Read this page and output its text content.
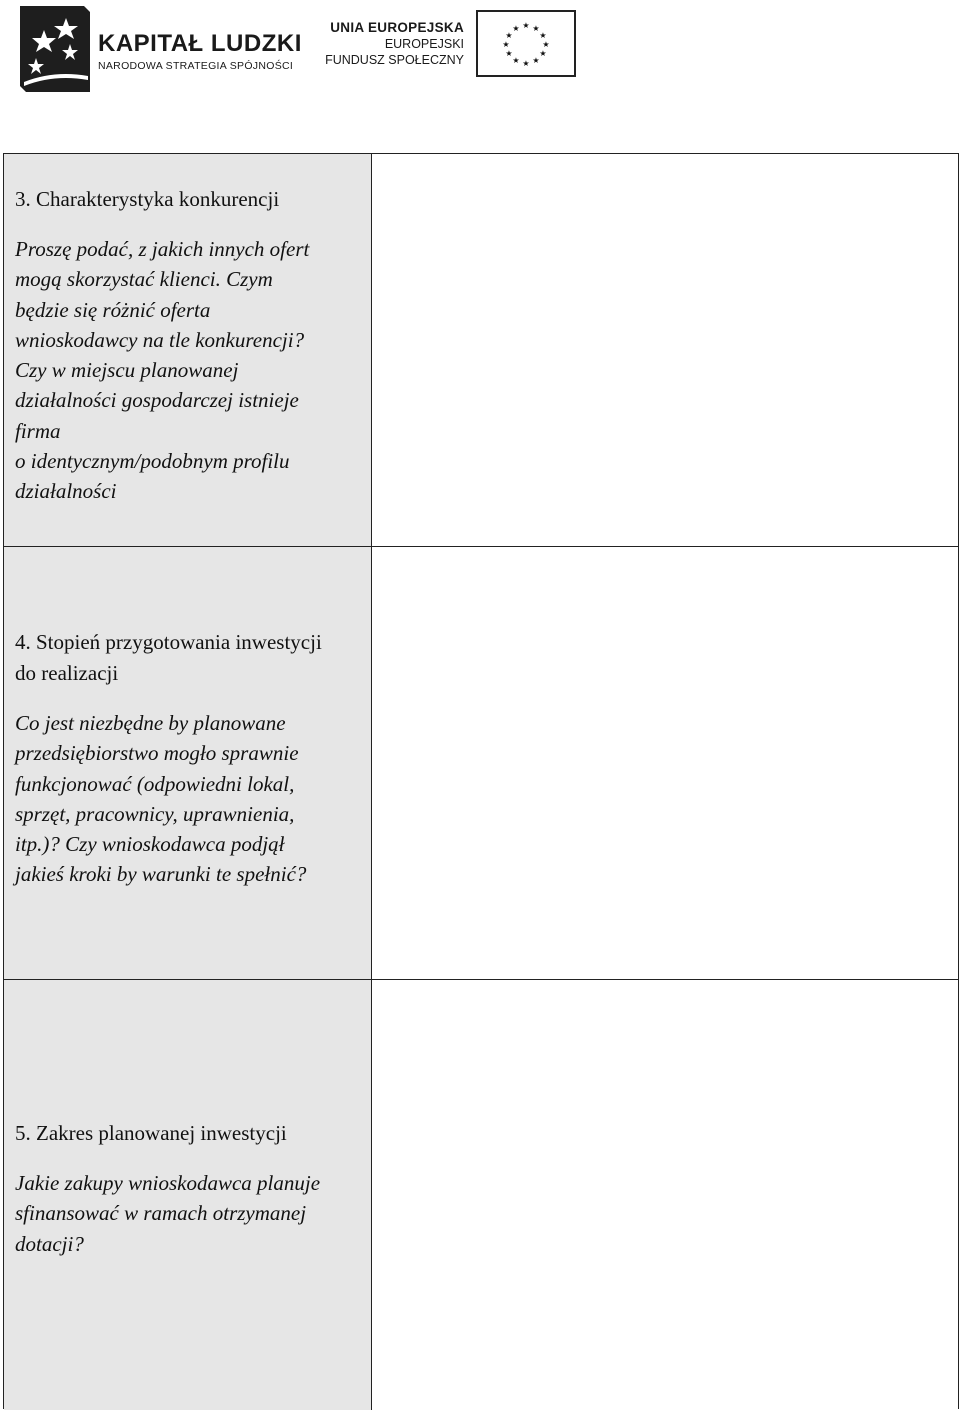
KAPITAŁ LUDZKI
NARODOWA STRATEGIA SPÓJNOŚCI
UNIA EUROPEJSKA
EUROPEJSKI
FUNDUSZ SPOŁECZNY
★ ★
★
★
★
★
★
★
★
★
★
★

3. Charakterystyka konkurencji

Proszę podać, z jakich innych ofert
mogą skorzystać klienci. Czym
będzie się różnić oferta
wnioskodawcy na tle konkurencji?
Czy w miejscu planowanej
działalności gospodarczej istnieje
firma
o identycznym/podobnym profilu
działalności

4. Stopień przygotowania inwestycji
do realizacji

Co jest niezbędne by planowane
przedsiębiorstwo mogło sprawnie
funkcjonować (odpowiedni lokal,
sprzęt, pracownicy, uprawnienia,
itp.)? Czy wnioskodawca podjął
jakieś kroki by warunki te spełnić?

5. Zakres planowanej inwestycji

Jakie zakupy wnioskodawca planuje
sfinansować w ramach otrzymanej
dotacji?
